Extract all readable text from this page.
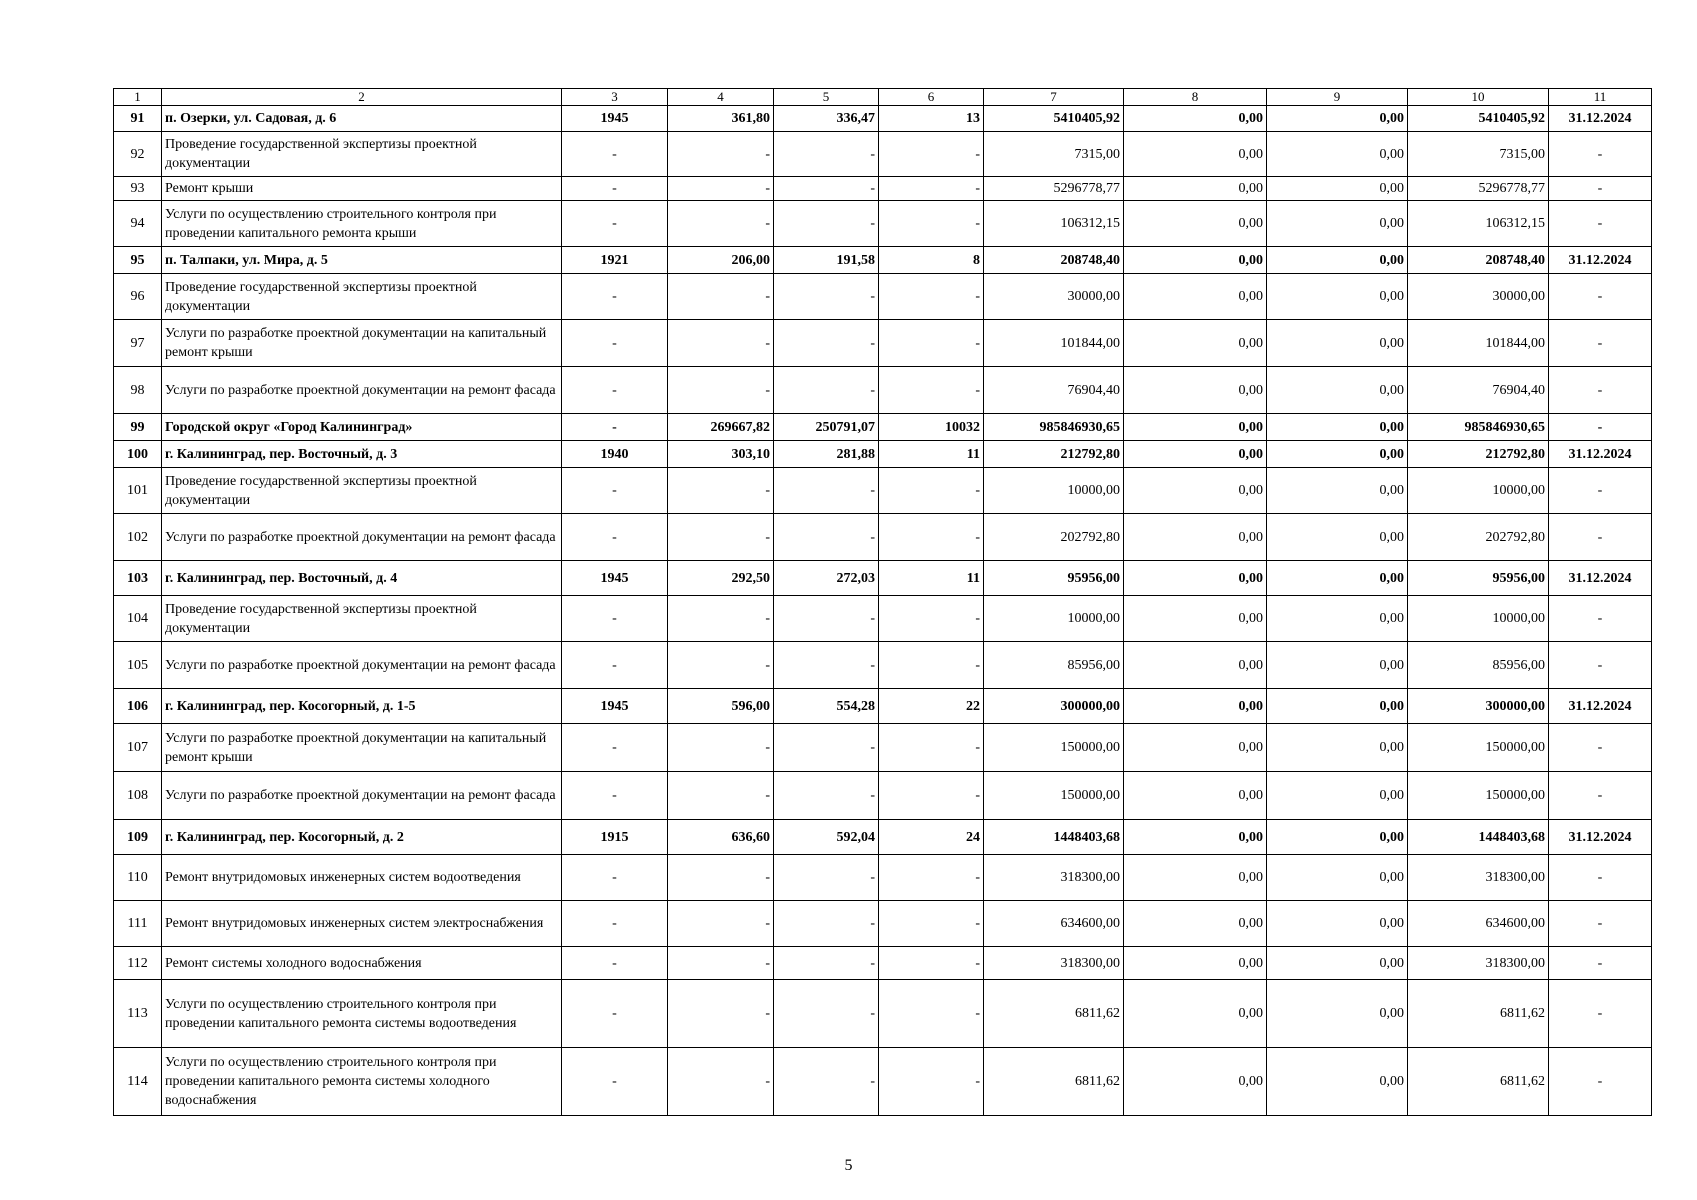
1	2	3	4	5	6	7	8	9	10	11
91	п. Озерки, ул. Садовая, д. 6	1945	361,80	336,47	13	5410405,92	0,00	0,00	5410405,92	31.12.2024
92	Проведение государственной экспертизы проектной документации	-	-	-	-	7315,00	0,00	0,00	7315,00	-
93	Ремонт крыши	-	-	-	-	5296778,77	0,00	0,00	5296778,77	-
94	Услуги по осуществлению строительного контроля при проведении капитального ремонта крыши	-	-	-	-	106312,15	0,00	0,00	106312,15	-
95	п. Талпаки, ул. Мира, д. 5	1921	206,00	191,58	8	208748,40	0,00	0,00	208748,40	31.12.2024
96	Проведение государственной экспертизы проектной документации	-	-	-	-	30000,00	0,00	0,00	30000,00	-
97	Услуги по разработке проектной документации на капитальный ремонт крыши	-	-	-	-	101844,00	0,00	0,00	101844,00	-
98	Услуги по разработке проектной документации на ремонт фасада	-	-	-	-	76904,40	0,00	0,00	76904,40	-
99	Городской округ «Город Калининград»	-	269667,82	250791,07	10032	985846930,65	0,00	0,00	985846930,65	-
100	г. Калининград, пер. Восточный, д. 3	1940	303,10	281,88	11	212792,80	0,00	0,00	212792,80	31.12.2024
101	Проведение государственной экспертизы проектной документации	-	-	-	-	10000,00	0,00	0,00	10000,00	-
102	Услуги по разработке проектной документации на ремонт фасада	-	-	-	-	202792,80	0,00	0,00	202792,80	-
103	г. Калининград, пер. Восточный, д. 4	1945	292,50	272,03	11	95956,00	0,00	0,00	95956,00	31.12.2024
104	Проведение государственной экспертизы проектной документации	-	-	-	-	10000,00	0,00	0,00	10000,00	-
105	Услуги по разработке проектной документации на ремонт фасада	-	-	-	-	85956,00	0,00	0,00	85956,00	-
106	г. Калининград, пер. Косогорный, д. 1-5	1945	596,00	554,28	22	300000,00	0,00	0,00	300000,00	31.12.2024
107	Услуги по разработке проектной документации на капитальный ремонт крыши	-	-	-	-	150000,00	0,00	0,00	150000,00	-
108	Услуги по разработке проектной документации на ремонт фасада	-	-	-	-	150000,00	0,00	0,00	150000,00	-
109	г. Калининград, пер. Косогорный, д. 2	1915	636,60	592,04	24	1448403,68	0,00	0,00	1448403,68	31.12.2024
110	Ремонт внутридомовых инженерных систем водоотведения	-	-	-	-	318300,00	0,00	0,00	318300,00	-
111	Ремонт внутридомовых инженерных систем электроснабжения	-	-	-	-	634600,00	0,00	0,00	634600,00	-
112	Ремонт системы холодного водоснабжения	-	-	-	-	318300,00	0,00	0,00	318300,00	-
113	Услуги по осуществлению строительного контроля при проведении капитального ремонта системы водоотведения	-	-	-	-	6811,62	0,00	0,00	6811,62	-
114	Услуги по осуществлению строительного контроля при проведении капитального ремонта системы холодного водоснабжения	-	-	-	-	6811,62	0,00	0,00	6811,62	-
5
